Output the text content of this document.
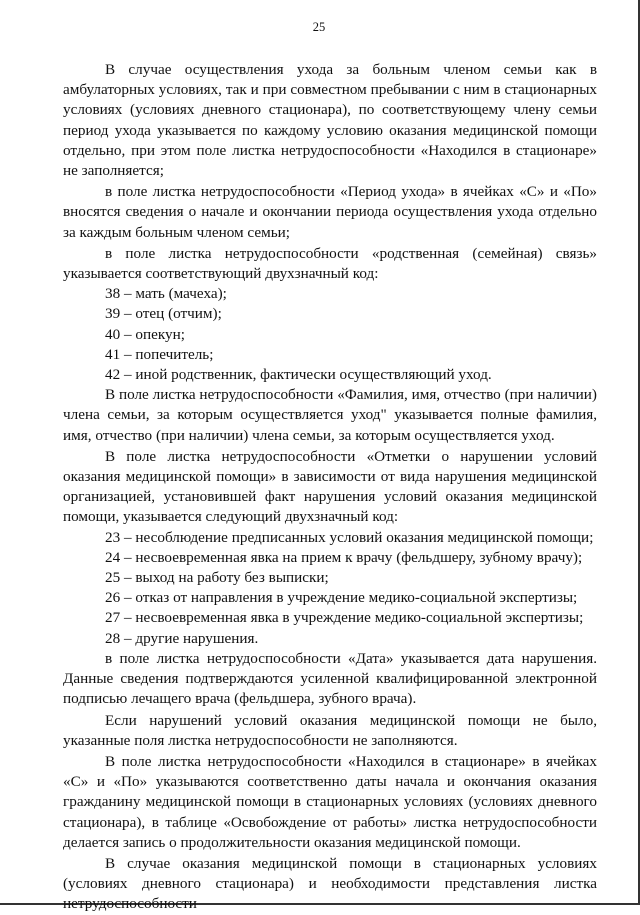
25

В случае осуществления ухода за больным членом семьи как в амбулаторных условиях, так и при совместном пребывании с ним в стационарных условиях (условиях дневного стационара), по соответствующему члену семьи период ухода указывается по каждому условию оказания медицинской помощи отдельно, при этом поле листка нетрудоспособности «Находился в стационаре» не заполняется;

в поле листка нетрудоспособности «Период ухода» в ячейках «С» и «По» вносятся сведения о начале и окончании периода осуществления ухода отдельно за каждым больным членом семьи;

в поле листка нетрудоспособности «родственная (семейная) связь» указывается соответствующий двухзначный код:

38 – мать (мачеха);

39 – отец (отчим);

40 – опекун;

41 – попечитель;

42 – иной родственник, фактически осуществляющий уход.

В поле листка нетрудоспособности «Фамилия, имя, отчество (при наличии) члена семьи, за которым осуществляется уход" указывается полные фамилия, имя, отчество (при наличии) члена семьи, за которым осуществляется уход.

В поле листка нетрудоспособности «Отметки о нарушении условий оказания медицинской помощи» в зависимости от вида нарушения медицинской организацией, установившей факт нарушения условий оказания медицинской помощи, указывается следующий двухзначный код:

23 – несоблюдение предписанных условий оказания медицинской помощи;

24 – несвоевременная явка на прием к врачу (фельдшеру, зубному врачу);

25 – выход на работу без выписки;

26 – отказ от направления в учреждение медико-социальной экспертизы;

27 – несвоевременная явка в учреждение медико-социальной экспертизы;

28 – другие нарушения.

в поле листка нетрудоспособности «Дата» указывается дата нарушения. Данные сведения подтверждаются усиленной квалифицированной электронной подписью лечащего врача (фельдшера, зубного врача).

Если нарушений условий оказания медицинской помощи не было, указанные поля листка нетрудоспособности не заполняются.

В поле листка нетрудоспособности «Находился в стационаре» в ячейках «С» и «По» указываются соответственно даты начала и окончания оказания гражданину медицинской помощи в стационарных условиях (условиях дневного стационара), в таблице «Освобождение от работы» листка нетрудоспособности делается запись о продолжительности оказания медицинской помощи.

В случае оказания медицинской помощи в стационарных условиях (условиях дневного стационара) и необходимости представления листка нетрудоспособности
